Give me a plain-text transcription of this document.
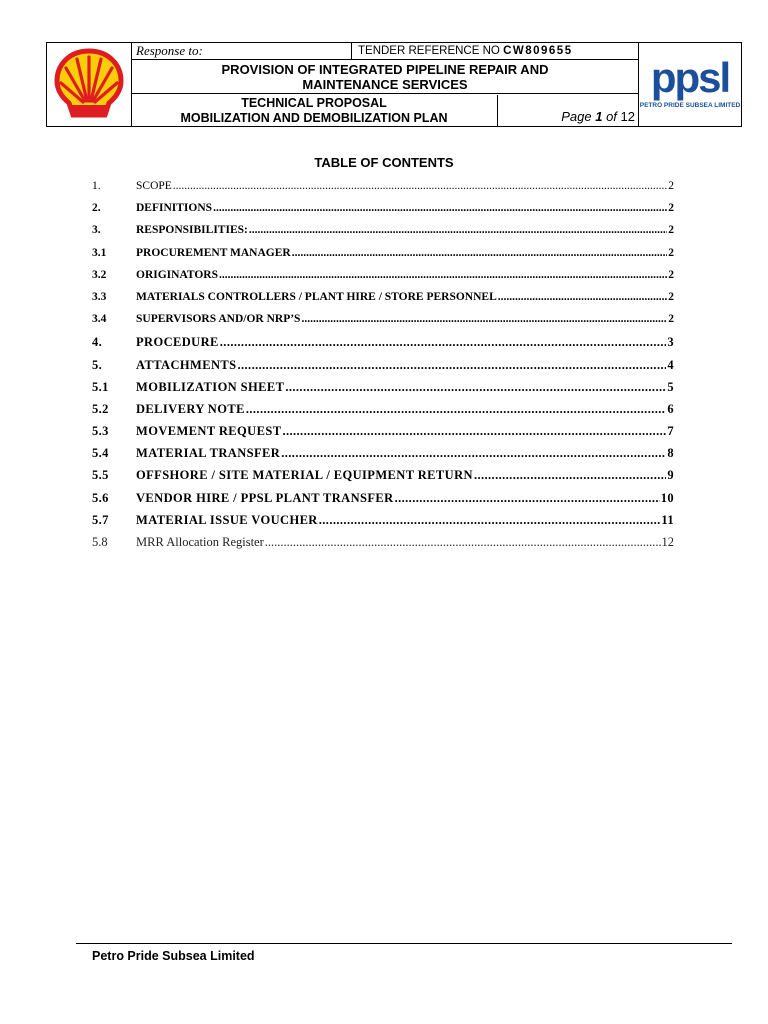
Response to:	TENDER REFERENCE NO CW809655
PROVISION OF INTEGRATED PIPELINE REPAIR AND
MAINTENANCE SERVICES
TECHNICAL PROPOSAL
MOBILIZATION AND DEMOBILIZATION PLAN	Page 1 of 12
ppsl
PETRO PRIDE SUBSEA LIMITED
TABLE OF CONTENTS
1.	SCOPE .....	2
2.	DEFINITIONS .....	2
3.	RESPONSIBILITIES: .....	2
3.1	PROCUREMENT MANAGER .....	2
3.2	ORIGINATORS .....	2
3.3	MATERIALS CONTROLLERS / PLANT HIRE / STORE PERSONNEL .....	2
3.4	SUPERVISORS AND/OR NRP’S .....	2
4.	PROCEDURE .....	3
5.	ATTACHMENTS .....	4
5.1	MOBILIZATION SHEET .....	5
5.2	DELIVERY NOTE .....	6
5.3	MOVEMENT REQUEST .....	7
5.4	MATERIAL TRANSFER .....	8
5.5	OFFSHORE / SITE MATERIAL / EQUIPMENT RETURN .....	9
5.6	VENDOR HIRE / PPSL PLANT TRANSFER .....	10
5.7	MATERIAL ISSUE VOUCHER .....	11
5.8	MRR Allocation Register .....	12
Petro Pride Subsea Limited
